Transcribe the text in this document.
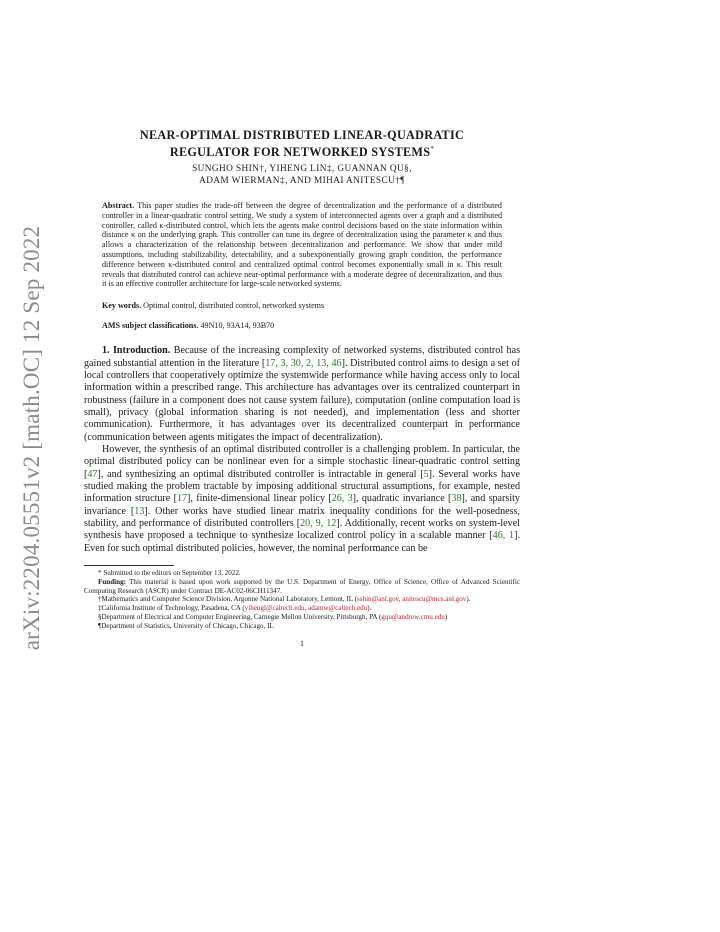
arXiv:2204.05551v2 [math.OC] 12 Sep 2022
NEAR-OPTIMAL DISTRIBUTED LINEAR-QUADRATIC
REGULATOR FOR NETWORKED SYSTEMS*
SUNGHO SHIN†, YIHENG LIN‡, GUANNAN QU§,
ADAM WIERMAN‡, AND MIHAI ANITESCU†¶
Abstract. This paper studies the trade-off between the degree of decentralization and the performance of a distributed controller in a linear-quadratic control setting. We study a system of interconnected agents over a graph and a distributed controller, called κ-distributed control, which lets the agents make control decisions based on the state information within distance κ on the underlying graph. This controller can tune its degree of decentralization using the parameter κ and thus allows a characterization of the relationship between decentralization and performance. We show that under mild assumptions, including stabilizability, detectability, and a subexponentially growing graph condition, the performance difference between κ-distributed control and centralized optimal control becomes exponentially small in κ. This result reveals that distributed control can achieve near-optimal performance with a moderate degree of decentralization, and thus it is an effective controller architecture for large-scale networked systems.
Key words. Optimal control, distributed control, networked systems
AMS subject classifications. 49N10, 93A14, 93B70

1. Introduction. Because of the increasing complexity of networked systems, distributed control has gained substantial attention in the literature [17, 3, 30, 2, 13, 46]. Distributed control aims to design a set of local controllers that cooperatively optimize the systemwide performance while having access only to local information within a prescribed range. This architecture has advantages over its centralized counterpart in robustness (failure in a component does not cause system failure), computation (online computation load is small), privacy (global information sharing is not needed), and implementation (less and shorter communication). Furthermore, it has advantages over its decentralized counterpart in performance (communication between agents mitigates the impact of decentralization).

However, the synthesis of an optimal distributed controller is a challenging problem. In particular, the optimal distributed policy can be nonlinear even for a simple stochastic linear-quadratic control setting [47], and synthesizing an optimal distributed controller is intractable in general [5]. Several works have studied making the problem tractable by imposing additional structural assumptions, for example, nested information structure [17], finite-dimensional linear policy [26, 3], quadratic invariance [38], and sparsity invariance [13]. Other works have studied linear matrix inequality conditions for the well-posedness, stability, and performance of distributed controllers [20, 9, 12]. Additionally, recent works on system-level synthesis have proposed a technique to synthesize localized control policy in a scalable manner [46, 1]. Even for such optimal distributed policies, however, the nominal performance can be

* Submitted to the editors on September 13, 2022.
Funding: This material is based upon work supported by the U.S. Department of Energy, Office of Science, Office of Advanced Scientific Computing Research (ASCR) under Contract DE-AC02-06CH11347.
†Mathematics and Computer Science Division, Argonne National Laboratory, Lemont, IL (sshin@anl.gov, anitescu@mcs.anl.gov).
‡California Institute of Technology, Pasadena, CA (yihengl@caltech.edu, adamw@caltech.edu).
§Department of Electrical and Computer Engineering, Carnegie Mellon University, Pittsburgh, PA (gqu@andrew.cmu.edu)
¶Department of Statistics, University of Chicago, Chicago, IL
1
